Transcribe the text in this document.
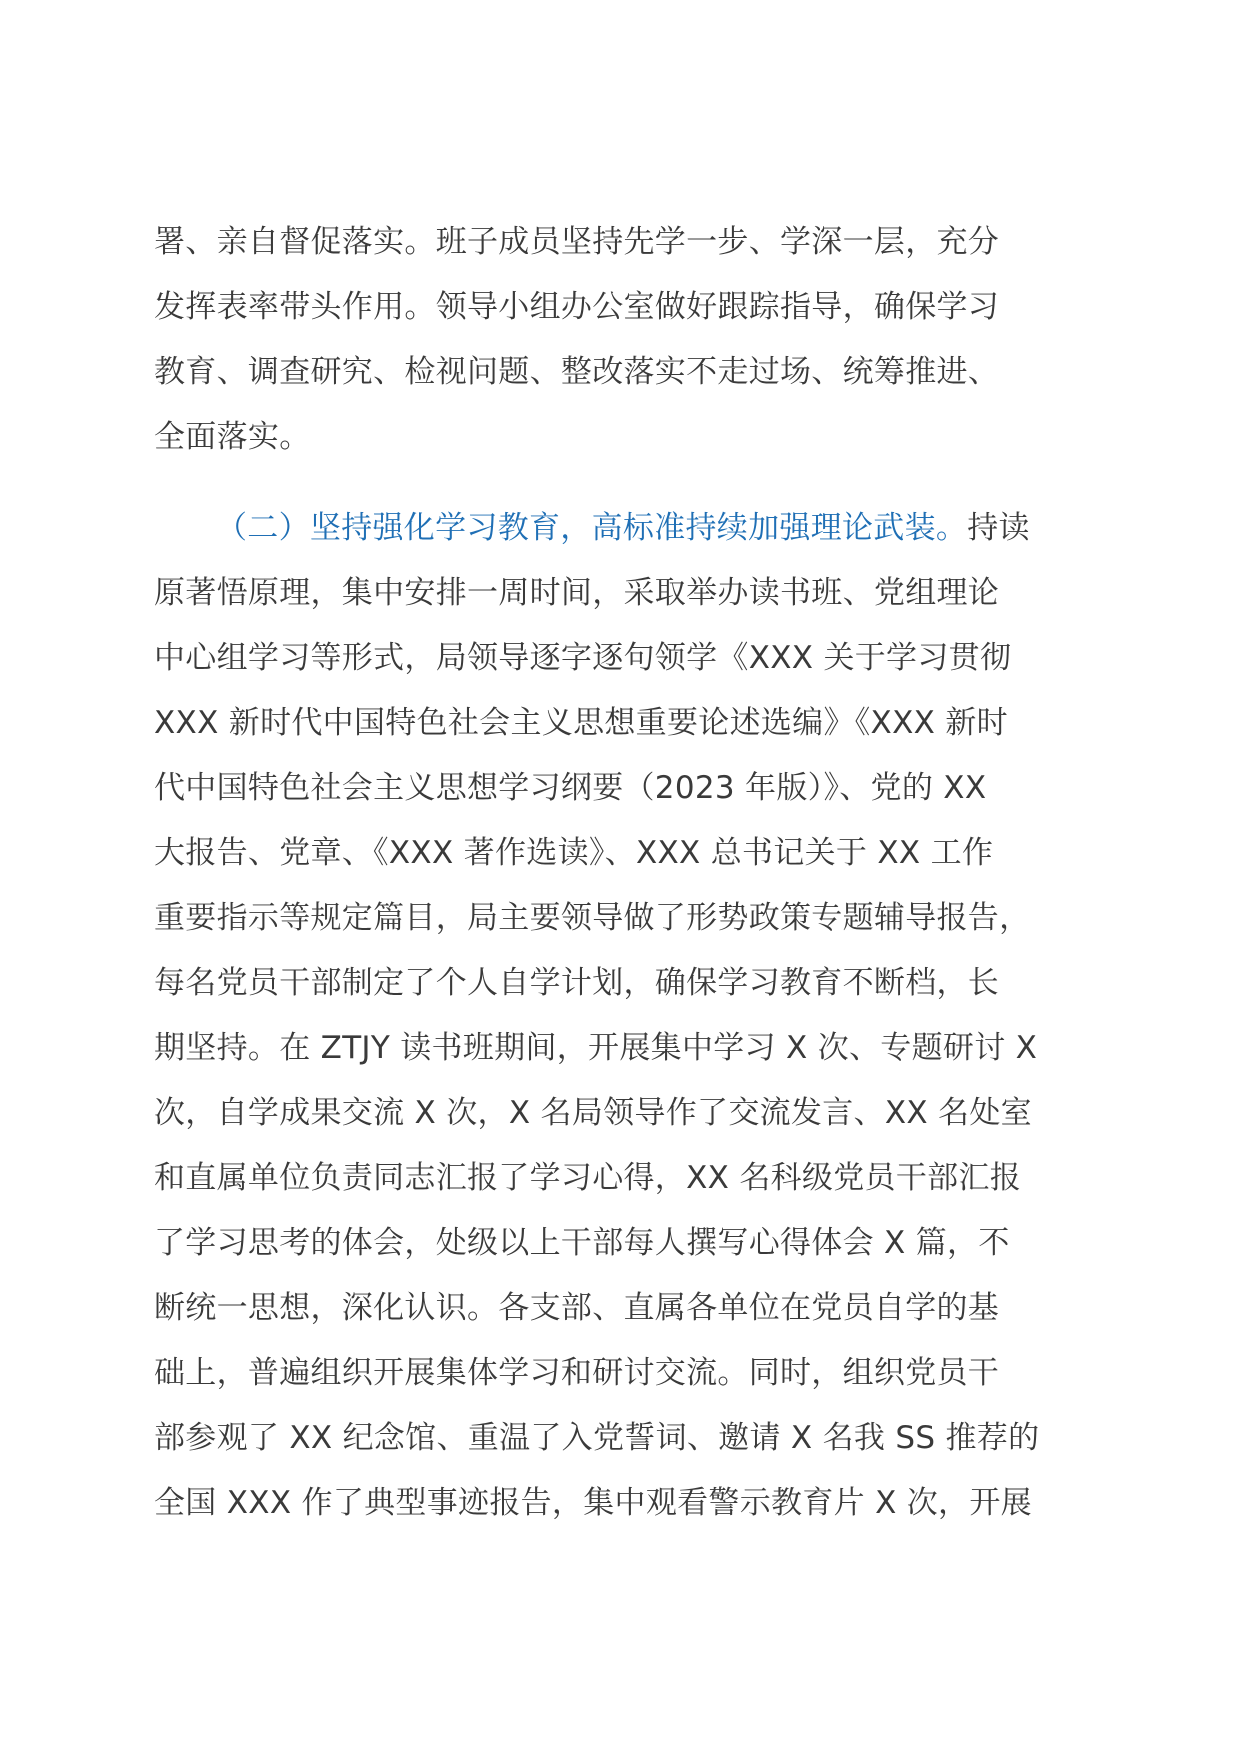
署、亲自督促落实。班子成员坚持先学一步、学深一层，充分
发挥表率带头作用。领导小组办公室做好跟踪指导，确保学习
教育、调查研究、检视问题、整改落实不走过场、统筹推进、
全面落实。
（二）坚持强化学习教育，高标准持续加强理论武装。持读
原著悟原理，集中安排一周时间，采取举办读书班、党组理论
中心组学习等形式，局领导逐字逐句领学《XXX 关于学习贯彻
XXX 新时代中国特色社会主义思想重要论述选编》《XXX 新时
代中国特色社会主义思想学习纲要（2023 年版）》、党的 XX
大报告、党章、《XXX 著作选读》、XXX 总书记关于 XX 工作
重要指示等规定篇目，局主要领导做了形势政策专题辅导报告，
每名党员干部制定了个人自学计划，确保学习教育不断档，长
期坚持。在 ZTJY 读书班期间，开展集中学习 X 次、专题研讨 X
次，自学成果交流 X 次，X 名局领导作了交流发言、XX 名处室
和直属单位负责同志汇报了学习心得，XX 名科级党员干部汇报
了学习思考的体会，处级以上干部每人撰写心得体会 X 篇，不
断统一思想，深化认识。各支部、直属各单位在党员自学的基
础上，普遍组织开展集体学习和研讨交流。同时，组织党员干
部参观了 XX 纪念馆、重温了入党誓词、邀请 X 名我 SS 推荐的
全国 XXX 作了典型事迹报告，集中观看警示教育片 X 次，开展
